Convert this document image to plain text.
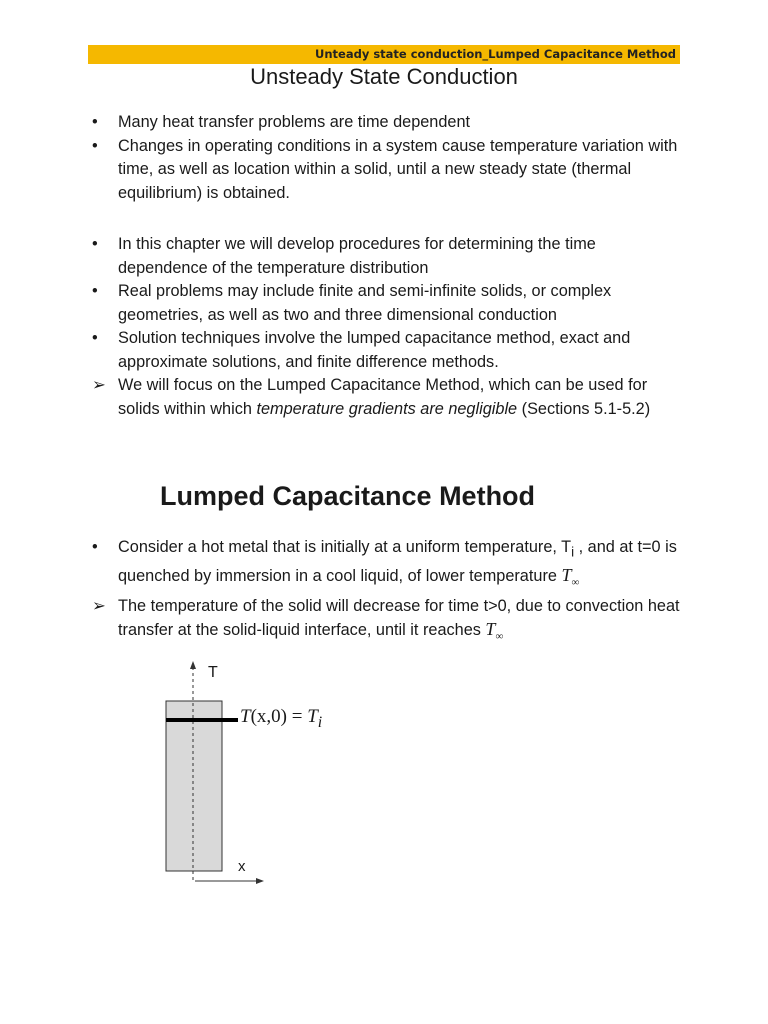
Unteady state conduction_Lumped Capacitance Method
Unsteady State Conduction
• Many heat transfer problems are time dependent
• Changes in operating conditions in a system cause temperature variation with time, as well as location within a solid, until a new steady state (thermal equilibrium) is obtained.
• In this chapter we will develop procedures for determining the time dependence of the temperature distribution
• Real problems may include finite and semi-infinite solids, or complex geometries, as well as two and three dimensional conduction
• Solution techniques involve the lumped capacitance method, exact and approximate solutions, and finite difference methods.
➢ We will focus on the Lumped Capacitance Method, which can be used for solids within which temperature gradients are negligible (Sections 5.1-5.2)
Lumped Capacitance Method
• Consider a hot metal that is initially at a uniform temperature, $T_i$ , and at t=0 is quenched by immersion in a cool liquid, of lower temperature $T_\infty$
➢ The temperature of the solid will decrease for time t>0, due to convection heat transfer at the solid-liquid interface, until it reaches $T_\infty$
T
x
$T(x,0) = T_i$
